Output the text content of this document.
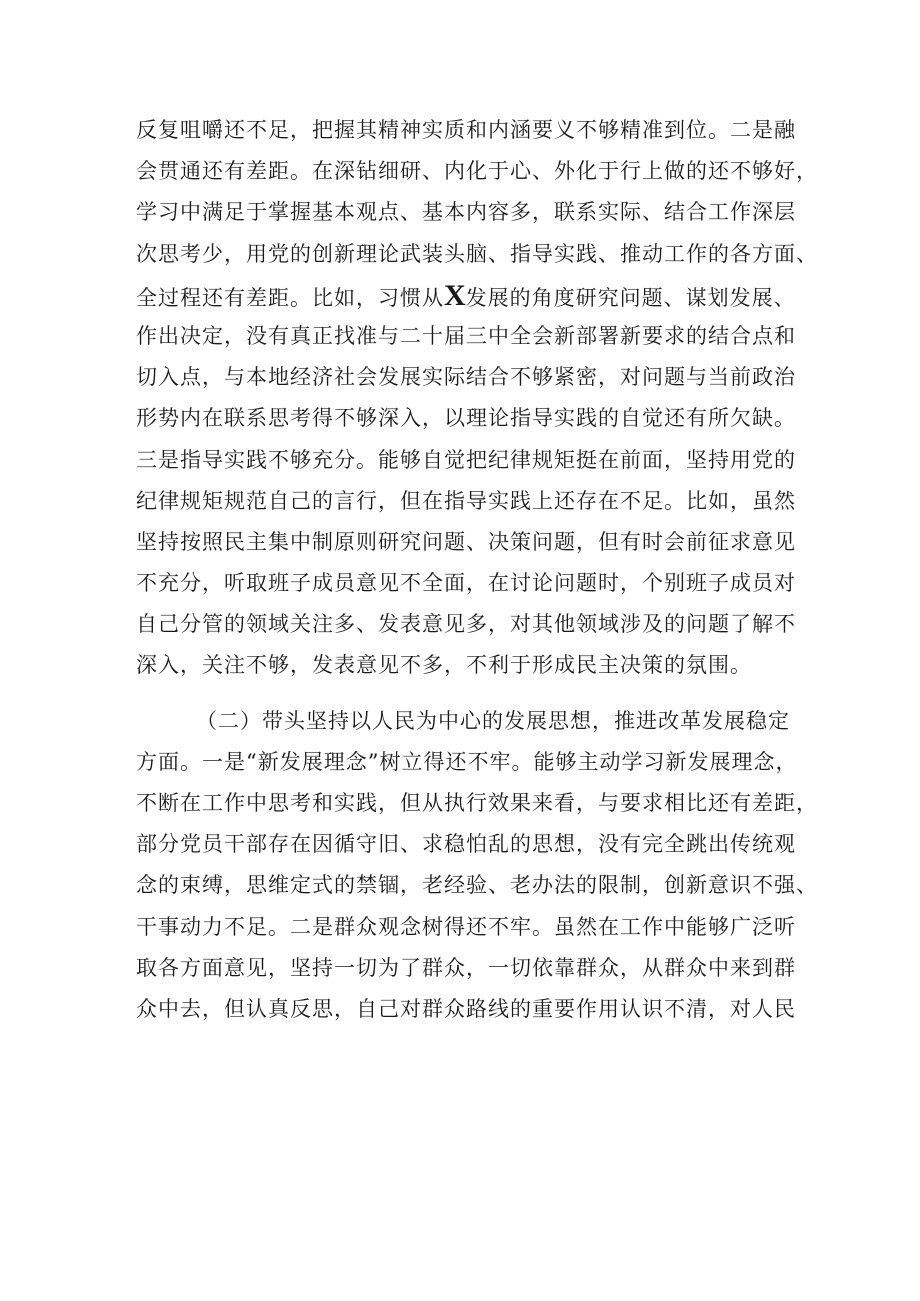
反复咀嚼还不足，把握其精神实质和内涵要义不够精准到位。二是融
会贯通还有差距。在深钻细研、内化于心、外化于行上做的还不够好，
学习中满足于掌握基本观点、基本内容多，联系实际、结合工作深层
次思考少，用党的创新理论武装头脑、指导实践、推动工作的各方面、
全过程还有差距。比如，习惯从X发展的角度研究问题、谋划发展、
作出决定，没有真正找准与二十届三中全会新部署新要求的结合点和
切入点，与本地经济社会发展实际结合不够紧密，对问题与当前政治
形势内在联系思考得不够深入，以理论指导实践的自觉还有所欠缺。
三是指导实践不够充分。能够自觉把纪律规矩挺在前面，坚持用党的
纪律规矩规范自己的言行，但在指导实践上还存在不足。比如，虽然
坚持按照民主集中制原则研究问题、决策问题，但有时会前征求意见
不充分，听取班子成员意见不全面，在讨论问题时，个别班子成员对
自己分管的领域关注多、发表意见多，对其他领域涉及的问题了解不
深入，关注不够，发表意见不多，不利于形成民主决策的氛围。
（二）带头坚持以人民为中心的发展思想，推进改革发展稳定
方面。一是“新发展理念”树立得还不牢。能够主动学习新发展理念，
不断在工作中思考和实践，但从执行效果来看，与要求相比还有差距，
部分党员干部存在因循守旧、求稳怕乱的思想，没有完全跳出传统观
念的束缚，思维定式的禁锢，老经验、老办法的限制，创新意识不强、
干事动力不足。二是群众观念树得还不牢。虽然在工作中能够广泛听
取各方面意见，坚持一切为了群众，一切依靠群众，从群众中来到群
众中去，但认真反思，自己对群众路线的重要作用认识不清，对人民
